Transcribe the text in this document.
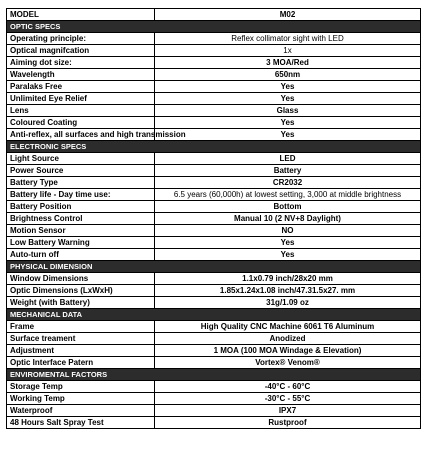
MODEL	M02
OPTIC SPECS	
Operating principle:	Reflex collimator sight with LED
Optical magnifcation	1x
Aiming dot size:	3 MOA/Red
Wavelength	650nm
Paralaks Free	Yes
Unlimited Eye Relief	Yes
Lens	Glass
Coloured Coating	Yes
Anti-reflex, all surfaces and high transmission	Yes
ELECTRONIC SPECS	
Light Source	LED
Power Source	Battery
Battery Type	CR2032
Battery life - Day time use:	6.5 years (60,000h) at lowest setting, 3,000 at middle brightness
Battery Position	Bottom
Brightness Control	Manual 10 (2 NV+8 Daylight)
Motion Sensor	NO
Low Battery Warning	Yes
Auto-turn off	Yes
PHYSICAL DIMENSION	
Window Dimensions	1.1x0.79 inch/28x20 mm
Optic Dimensions (LxWxH)	1.85x1.24x1.08 inch/47.31.5x27. mm
Weight (with Battery)	31g/1.09 oz
MECHANICAL DATA	
Frame	High Quality CNC Machine 6061 T6 Aluminum
Surface treament	Anodized
Adjustment	1 MOA (100 MOA Windage & Elevation)
Optic Interface Patern	Vortex® Venom®
ENVIROMENTAL FACTORS	
Storage Temp	-40°C - 60°C
Working Temp	-30°C - 55°C
Waterproof	IPX7
48 Hours Salt Spray Test	Rustproof
